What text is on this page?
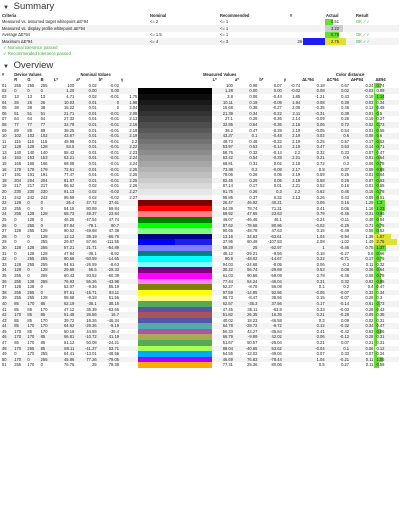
▼ Summary
Criteria	Nominal	Recommended	#		Actual	Result
Measured vs. assumed target whitepoint ΔE*94	<= 2	<= 1			0.51	OK ✓✓
Measured vs. display profile whitepoint ΔE*94		<= 1			3.22	
Average ΔE*94	<= 1.5	<= 1			0.78	OK ✓✓
Maximum ΔE*94	<= 4	<= 3	29		2.75	OK ✓✓
✓ Nominal tolerance passed
✓ Recommended tolerance passed
▼ Overview
#	Device Values			Nominal Values				Measured Values						Color distance			
	R	G	B	L*	a*	b*	γ			L*	a*	b*	γ	ΔL*94	ΔC*94	ΔH*94	ΔE94
01	255	255	255	100	0.02	-0.02				100	0.98	0.07	-0.74	0.18	0.67	0.24	0.74
02	0	0	0	1.20	0.00	0.00				1.28	0.00	0.00	-0.02	0.08	0.02	-0.03	0.09
03	13	13	13	4.71	0.02	-0.01	1.75			3.8	0.06	-0.44	1.85	-1.21	0.43	0.19	1.14
04	26	26	26	10.03	0.01	0	1.98			10.11	0.19	-0.09	1.94	0.08	0.39	0.03	0.34
05	38	38	38	15.22	0.01	0	2.04			15.68	0.38	-0.27	2.06	-0.35	0.46	0.13	0.48
06	51	51	51	21.71	0.01	-0.01	2.09			21.39	0.34	-0.22	2.11	-0.31	0.39	0.01	0.5
07	64	64	64	27.32	0.01	-0.01	2.13			27.1	0.25	-0.26	2.14	-0.09	0.26	0.19	0.27
08	77	77	77	32.79	0.01	-0.01	2.16			32.85	0.64	-0.36	2.16	0.06	0.72	0.02	0.73
09	89	89	89	38.25	0.01	-0.01	2.18			38.2	0.47	-0.28	2.19	-0.05	0.54	0.01	0.55
10	102	102	102	43.67	0.01	-0.01	2.19			43.37	0.1	-0.48	2.19	0.02	0.6	0.08	0.6
11	115	115	115	48.98	0.01	-0.01	2.2			48.73	0.48	-0.32	2.19	0.25	0.57	0.17	0.62
12	128	128	128	53.5	0.01	-0.01	2.22			53.97	0.53	-0.14	2.19	0.47	0.53	0.14	0.71
13	140	140	140	58.43	0.01	-0.01	2.23			58.76	0.32	-0.14	2.2	0.32	0.33	0.07	0.47
14	153	153	153	63.21	0.01	-0.01	2.24			63.42	0.54	-0.28	2.21	0.21	0.6	0.01	0.64
15	166	166	166	68.08	0.01	-0.01	2.24			68.81	0.31	0.02	2.18	0.72	0.3	0.06	0.78
16	179	179	179	72.61	0.01	-0.01	2.25			73.38	0.2	-0.08	2.17	0.8	0.37	0.09	0.88
17	191	191	191	77.47	0.01	-0.01	2.25			78.06	0.26	0.05	2.19	0.59	0.25	0.01	0.64
18	204	204	204	81.87	0.01	-0.01	2.25			82.45	0.26	0.05	2.19	0.58	0.26	0.07	0.63
19	217	217	217	86.62	0.02	-0.01	2.26			87.14	0.17	0.01	2.21	0.52	0.16	0.01	0.55
20	230	230	230	91.13	0.02	-0.02	2.27			91.75	0.26	0.3	2.2	0.62	0.46	0.15	0.78
21	242	242	242	95.59	0.02	-0.02	2.27			95.85	0.37	0.32	2.13	0.26	0.43	0.09	0.51
22	128	0	0	26.4	47.72	37.61				26.47	46.92	40.21		0.06	0.16	1.29	1.3
23	255	0	0	54.15	80.89	69.84				54.39	78.74	71.31		0.41	0.06	1.16	1.23
24	255	128	128	68.73	49.37	23.84				69.92	47.65	23.63		0.79	-0.46	0.31	0.96
25	0	128	0	46.25	-47.54	47.74				46.07	-46.46	46.1		-0.24	-0.11	0.48	0.54
26	0	255	0	87.84	-79.1	80.7				87.62	-78.68	80.96		-0.02	-0.25	0.71	0.75
27	128	255	128	90.52	-49.68	47.38				90.65	-48.78	47.63		0.15	-0.49	0.08	0.52
28	0	0	128	12.12	39.19	-66.76				13.16	34.63	-63.61		1.04	-0.94	1.38	1.97
29	0	0	255	29.87	67.66	-111.55				37.95	60.49	-107.83		2.08	-1.02	1.49	2.75
30	128	128	255	57.21	21.71	-54.89				59.29	25	-52.97		1	-0.46	0.75	1.37
31	0	128	128	47.94	-30.1	-8.92				48.12	-29.21	-9.56		0.18	-0.27	0.6	0.66
32	0	255	255	90.66	-50.59	-14.65				90.9	-48.02	-14.67		0.22	-0.71	0.17	0.76
33	128	255	255	94.61	-26.59	-8.63				94.03	-24.68	-8.05		0.06	-0.3	0.11	0.32
34	128	0	128	29.59	56.5	-29.33				30.22	56.74	-29.69		0.53	0.08	0.36	0.64
35	255	0	255	60.43	93.52	-60.39				61.03	90.58	-59.09		0.78	-0.46	0.08	0.78
36	255	128	255	76.93	55.26	-43.98				77.44	54.24	-46.04		0.31	0.32	0.83	0.95
37	128	128	0	52.07	-9.36	55.19				52.27	-8.76	56.09		0.1	0.2	0.4	0.47
38	255	255	0	97.61	-15.71	93.11				97.59	-14.85	92.86		-0.05	-0.07	0.33	0.34
39	255	255	128	98.68	-9.18	51.56				98.73	-8.47	38.66		0.15	-0.07	0.28	0.3
40	85	170	85	62.19	-36.1	38.16				62.57	-35.3	37.56		0.17	-0.14	0.61	0.73
41	85	85	170	47.12	35.39	-63.66				47.45	35.11	-63.8		0.33	-0.03	0.28	0.43
42	170	85	85	51.48	26.56	16.7				51.82	26.35	16.35		0.21	-0.28	0.09	0.35
43	85	85	170	39.72	18.26	-46.34				40.02	18.23	-46.58		0.3	0.09	0.02	0.31
44	85	170	170	64.62	-29.36	-9.19				64.78	-28.72	-9.72		0.12	-0.32	0.34	0.47
45	170	85	170	50.16	44.58	-35.4				50.33	43.27	-35.84		0.41	-0.42	0.63	0.86
46	170	170	85	66.81	-10.72	41.19				66.79	-9.99	42.02		0.06	-0.12	0.28	0.31
47	85	170	85	51.12	50.08	-24.21				51.67	50.57	-25.04		0.21	0.07	0.21	0.31
48	170	255	85	88.11	-41.27	53.71				88.04	-40.65	53.62		-0.04	0.1	0.06	0.12
49	0	170	255	64.41	-13.01	-48.56				64.55	-13.02	-49.04		0.07	0.33	0.07	0.34
50	170	0	255	45.86	77.26	-79.05				46.69	76.83	-78.44		1.04	-0.21	0.11	1.06
51	255	170	0	76.76	25	79.36				77.31	25.36	80.06		0.5	0.27	0.11	0.58
